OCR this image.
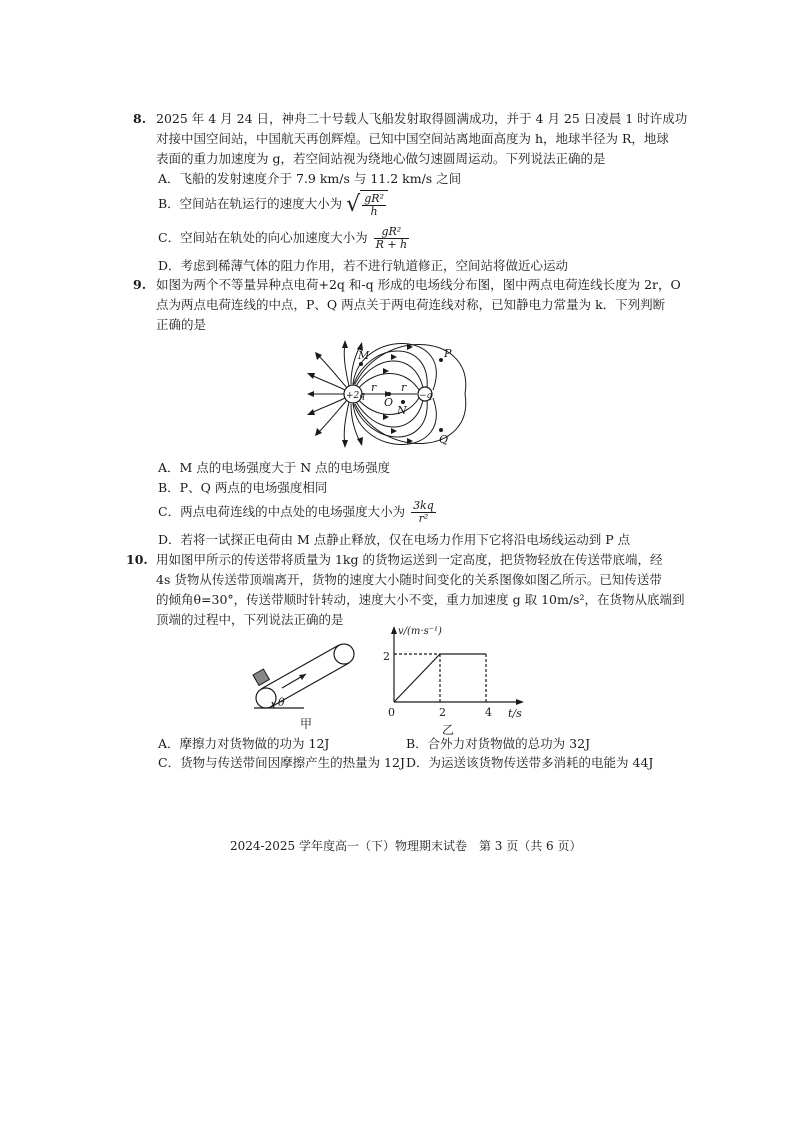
8. 2025 年 4 月 24 日，神舟二十号载人飞船发射取得圆满成功，并于 4 月 25 日凌晨 1 时许成功
对接中国空间站，中国航天再创辉煌。已知中国空间站离地面高度为 h，地球半径为 R，地球
表面的重力加速度为 g，若空间站视为绕地心做匀速圆周运动。下列说法正确的是
A．飞船的发射速度介于 7.9 km/s 与 11.2 km/s 之间
B．空间站在轨运行的速度大小为 √ $\frac{\text{gR²}}{h}$
C．空间站在轨处的向心加速度大小为 $\frac{\text{gR²}}{R + h}$
D．考虑到稀薄气体的阻力作用，若不进行轨道修正，空间站将做近心运动
9. 如图为两个不等量异种点电荷+2q 和-q 形成的电场线分布图，图中两点电荷连线长度为 2r，O
点为两点电荷连线的中点，P、Q 两点关于两电荷连线对称，已知静电力常量为 k．下列判断
正确的是
+2q	−q
M
N
O
P
Q
r r
A．M 点的电场强度大于 N 点的电场强度
B．P、Q 两点的电场强度相同
C．两点电荷连线的中点处的电场强度大小为 $\frac{3kq}{\text{r²}}$
D．若将一试探正电荷由 M 点静止释放，仅在电场力作用下它将沿电场线运动到 P 点
10. 用如图甲所示的传送带将质量为 1kg 的货物运送到一定高度，把货物轻放在传送带底端，经
4s 货物从传送带顶端离开，货物的速度大小随时间变化的关系图像如图乙所示。已知传送带
的倾角θ=30°，传送带顺时针转动，速度大小不变，重力加速度 g 取 10m/s²，在货物从底端到
顶端的过程中，下列说法正确的是
θ
甲
v/(m·s⁻¹)
t/s
0	2	4
2
乙
A．摩擦力对货物做的功为 12J	B．合外力对货物做的总功为 32J
C．货物与传送带间因摩擦产生的热量为 12J D．为运送该货物传送带多消耗的电能为 44J
2024-2025 学年度高一（下）物理期末试卷　第 3 页（共 6 页）
